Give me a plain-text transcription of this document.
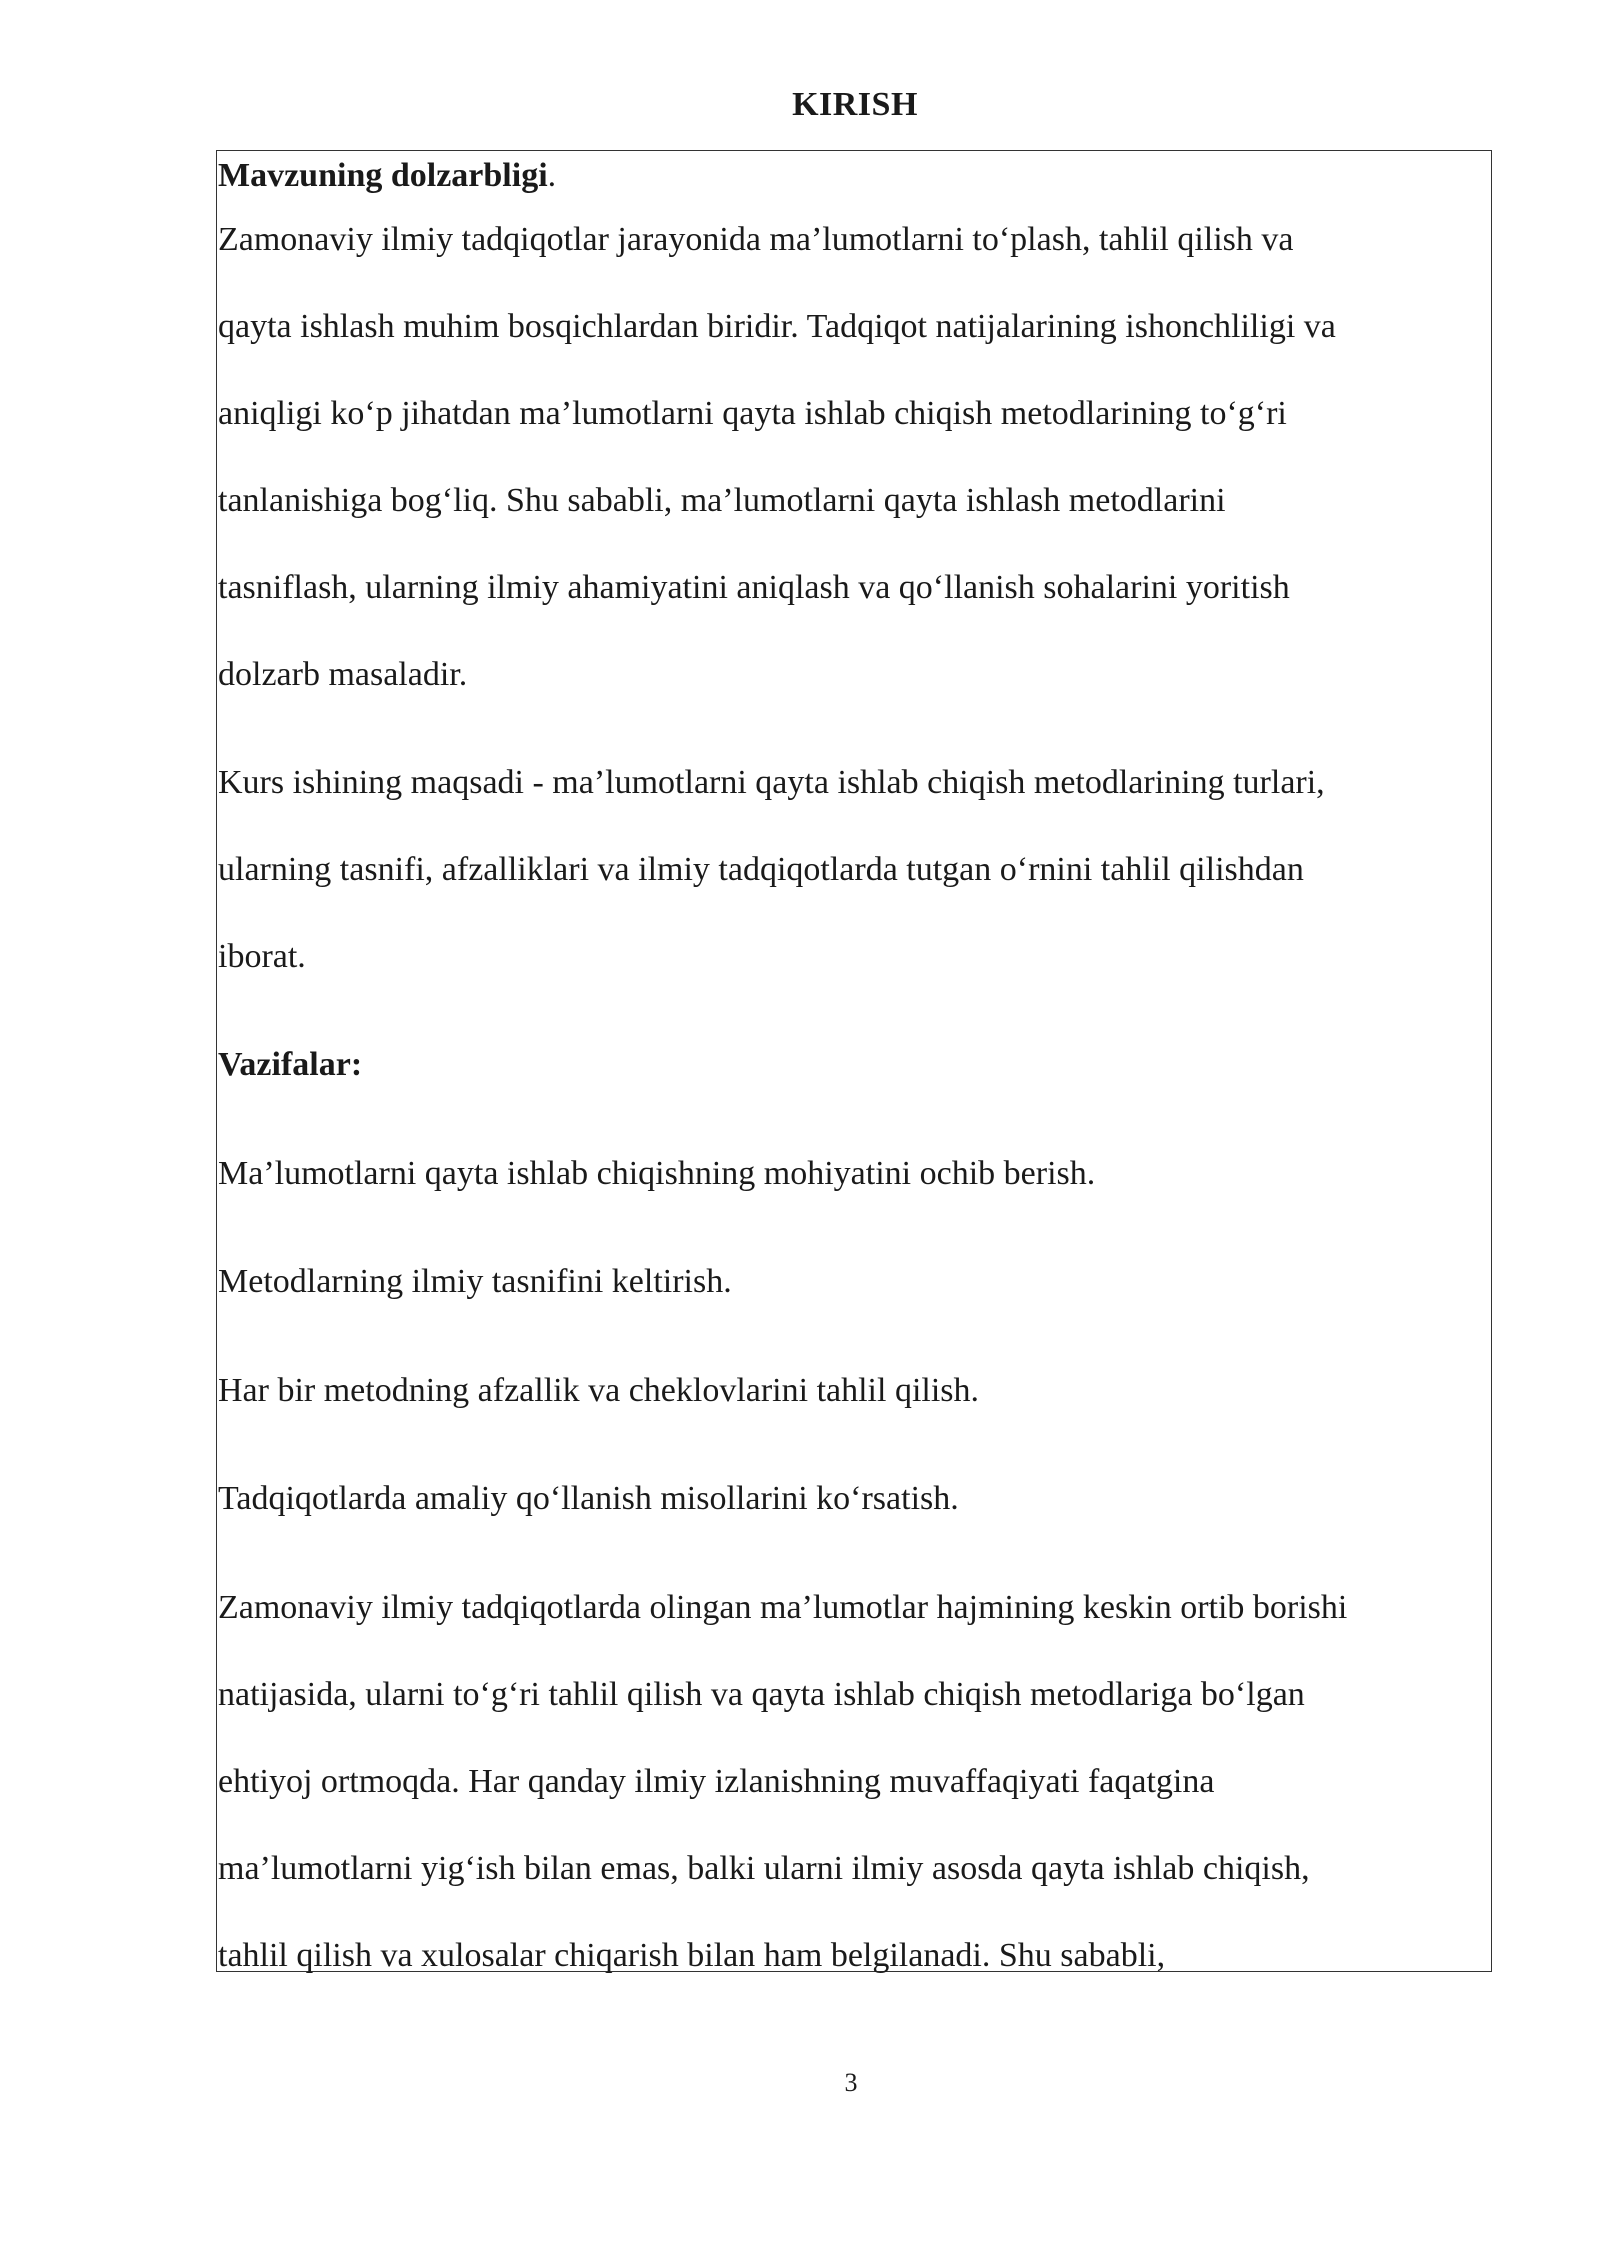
KIRISH
Mavzuning dolzarbligi.
Zamonaviy ilmiy tadqiqotlar jarayonida ma’lumotlarni to‘plash, tahlil qilish va
qayta ishlash muhim bosqichlardan biridir. Tadqiqot natijalarining ishonchliligi va
aniqligi ko‘p jihatdan ma’lumotlarni qayta ishlab chiqish metodlarining to‘g‘ri
tanlanishiga bog‘liq. Shu sababli, ma’lumotlarni qayta ishlash metodlarini
tasniflash, ularning ilmiy ahamiyatini aniqlash va qo‘llanish sohalarini yoritish
dolzarb masaladir.
Kurs ishining maqsadi - ma’lumotlarni qayta ishlab chiqish metodlarining turlari,
ularning tasnifi, afzalliklari va ilmiy tadqiqotlarda tutgan o‘rnini tahlil qilishdan
iborat.
Vazifalar:
Ma’lumotlarni qayta ishlab chiqishning mohiyatini ochib berish.
Metodlarning ilmiy tasnifini keltirish.
Har bir metodning afzallik va cheklovlarini tahlil qilish.
Tadqiqotlarda amaliy qo‘llanish misollarini ko‘rsatish.
Zamonaviy ilmiy tadqiqotlarda olingan ma’lumotlar hajmining keskin ortib borishi
natijasida, ularni to‘g‘ri tahlil qilish va qayta ishlab chiqish metodlariga bo‘lgan
ehtiyoj ortmoqda. Har qanday ilmiy izlanishning muvaffaqiyati faqatgina
ma’lumotlarni yig‘ish bilan emas, balki ularni ilmiy asosda qayta ishlab chiqish,
tahlil qilish va xulosalar chiqarish bilan ham belgilanadi. Shu sababli,
3
